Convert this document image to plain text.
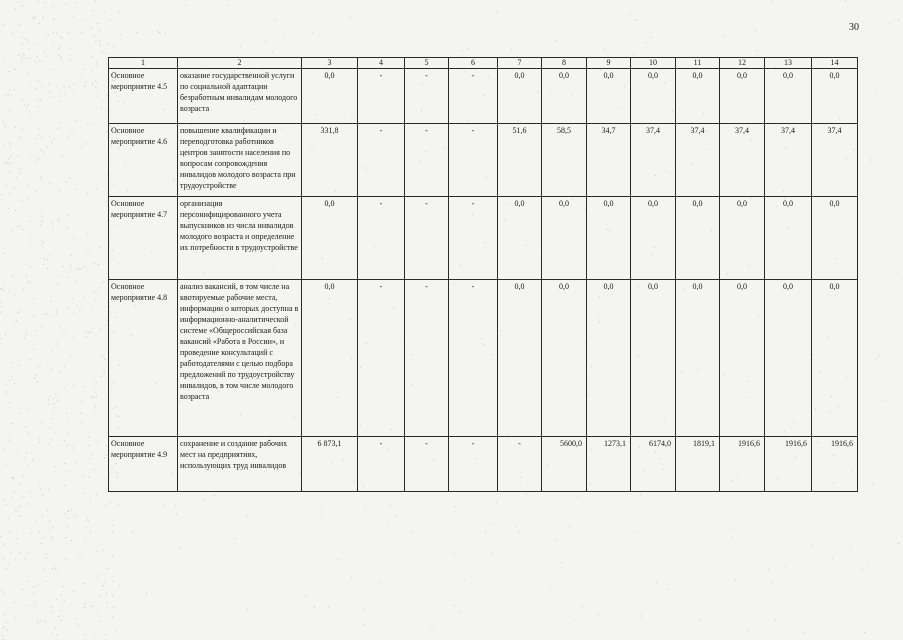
30
1	2	3	4	5	6	7	8	9	10	11	12	13	14
Основное мероприятие 4.5	оказание государственной услуги по социальной адаптации безработным инвалидам молодого возраста	0,0	-	-	-	0,0	0,0	0,0	0,0	0,0	0,0	0,0	0,0
Основное мероприятие 4.6	повышение квалификации и переподготовка работников центров занятости населения по вопросам сопровождения инвалидов молодого возраста при трудоустройстве	331,8	-	-	-	51,6	58,5	34,7	37,4	37,4	37,4	37,4	37,4
Основное мероприятие 4.7	организация персонифицированного учета выпускников из числа инвалидов молодого возраста и определение их потребности в трудоустройстве	0,0	-	-	-	0,0	0,0	0,0	0,0	0,0	0,0	0,0	0,0
Основное мероприятие 4.8	анализ вакансий, в том числе на квотируемые рабочие места, информации о которых доступна в информационно-аналитической системе «Общероссийская база вакансий «Работа в России», и проведение консультаций с работодателями с целью подбора предложений по трудоустройству инвалидов, в том числе молодого возраста	0,0	-	-	-	0,0	0,0	0,0	0,0	0,0	0,0	0,0	0,0
Основное мероприятие 4.9	сохранение и создание рабочих мест на предприятиях, использующих труд инвалидов	6 873,1	-	-	-	-	5600,0	1273,1	6174,0	1819,1	1916,6	1916,6	1916,6
